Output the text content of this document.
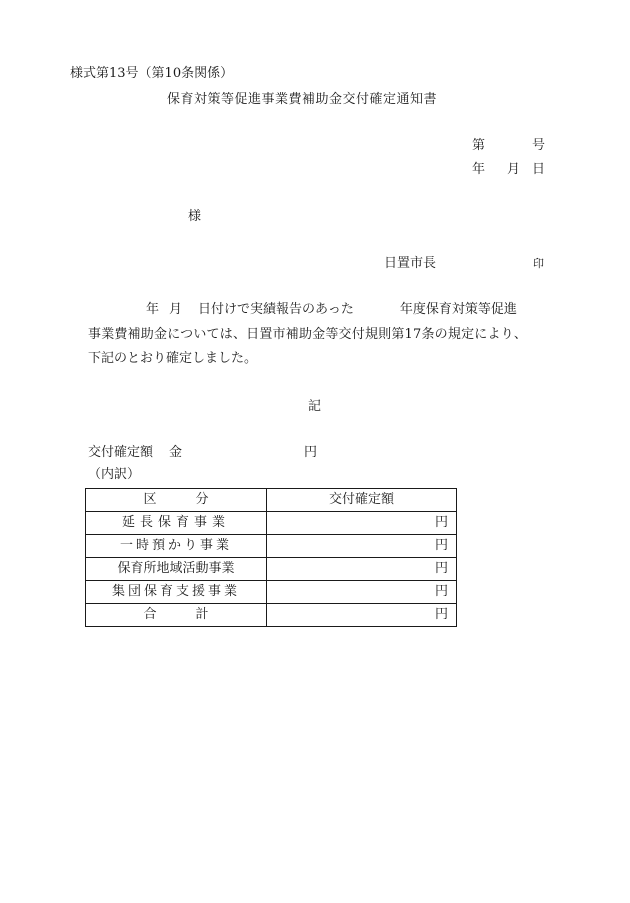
様式第13号（第10条関係）
保育対策等促進事業費補助金交付確定通知書
第	号
年 月 日
様
日置市長	印
年 月 日付けで実績報告のあった	年度保育対策等促進
事業費補助金については、日置市補助金等交付規則第17条の規定により、
下記のとおり確定しました。
記
交付確定額 金	円
（内訳）
区　　　分	交付確定額
延長保育事業	円
一時預かり事業	円
保育所地域活動事業	円
集団保育支援事業	円
合　　　計	円
